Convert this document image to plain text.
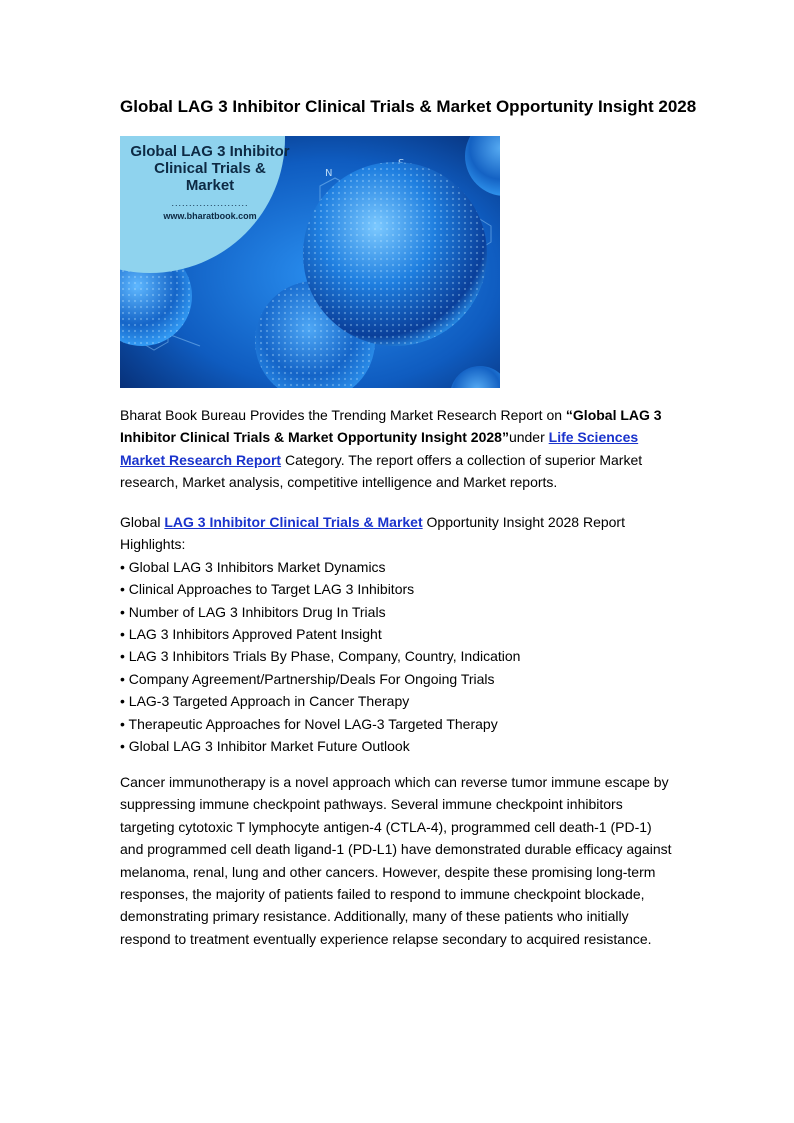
Global LAG 3 Inhibitor Clinical Trials & Market Opportunity Insight 2028
N
Global LAG 3 Inhibitor
Clinical Trials &
Market
......................
www.bharatbook.com

Bharat Book Bureau Provides the Trending Market Research Report on “Global LAG 3 Inhibitor Clinical Trials & Market Opportunity Insight 2028”under Life Sciences Market Research Report Category. The report offers a collection of superior Market research, Market analysis, competitive intelligence and Market reports.

Global LAG 3 Inhibitor Clinical Trials & Market Opportunity Insight 2028 Report Highlights:
• Global LAG 3 Inhibitors Market Dynamics
• Clinical Approaches to Target LAG 3 Inhibitors
• Number of LAG 3 Inhibitors Drug In Trials
• LAG 3 Inhibitors Approved Patent Insight
• LAG 3 Inhibitors Trials By Phase, Company, Country, Indication
• Company Agreement/Partnership/Deals For Ongoing Trials
• LAG-3 Targeted Approach in Cancer Therapy
• Therapeutic Approaches for Novel LAG-3 Targeted Therapy
• Global LAG 3 Inhibitor Market Future Outlook

Cancer immunotherapy is a novel approach which can reverse tumor immune escape by suppressing immune checkpoint pathways. Several immune checkpoint inhibitors targeting cytotoxic T lymphocyte antigen-4 (CTLA-4), programmed cell death-1 (PD-1) and programmed cell death ligand-1 (PD-L1) have demonstrated durable efficacy against melanoma, renal, lung and other cancers. However, despite these promising long-term responses, the majority of patients failed to respond to immune checkpoint blockade, demonstrating primary resistance. Additionally, many of these patients who initially respond to treatment eventually experience relapse secondary to acquired resistance.
